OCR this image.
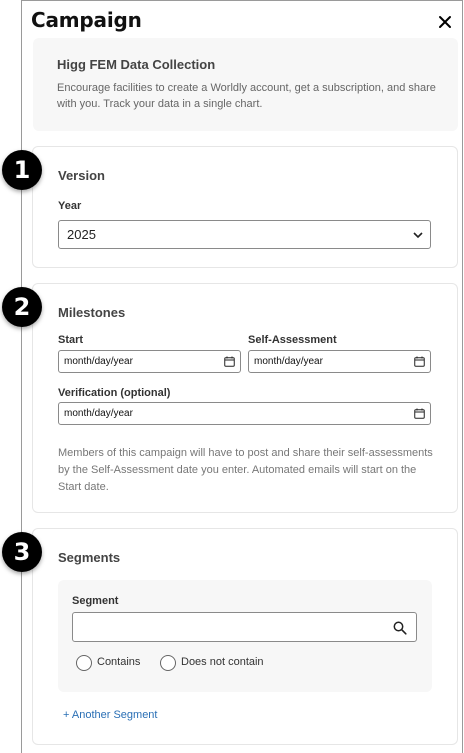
Campaign
Higg FEM Data Collection
Encourage facilities to create a Worldly account, get a subscription, and share with you. Track your data in a single chart.
Version
Year
2025
Milestones
Start
month/day/year
Self-Assessment
month/day/year
Verification (optional)
month/day/year
Members of this campaign will have to post and share their self-assessments by the Self-Assessment date you enter. Automated emails will start on the Start date.
Segments
Segment
Contains	Does not contain
+ Another Segment
1
2
3
